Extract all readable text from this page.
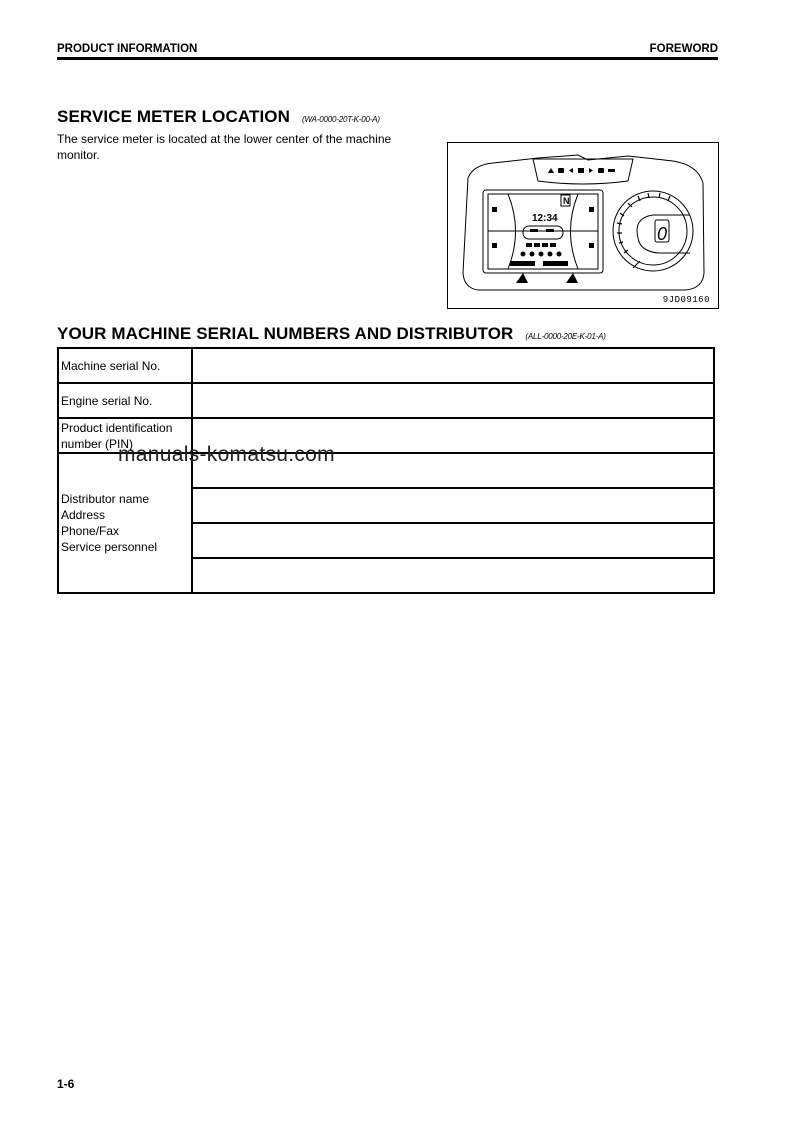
PRODUCT INFORMATION	FOREWORD
SERVICE METER LOCATION (WA-0000-20T-K-00-A)
The service meter is located at the lower center of the machine monitor.
12:34
N
0
9JD09160
YOUR MACHINE SERIAL NUMBERS AND DISTRIBUTOR (ALL-0000-20E-K-01-A)
Machine serial No.	
Engine serial No.	
Product identification number (PIN)	

Distributor name
Address
Phone/Fax
Service personnel	

manuals-komatsu.com
1-6
